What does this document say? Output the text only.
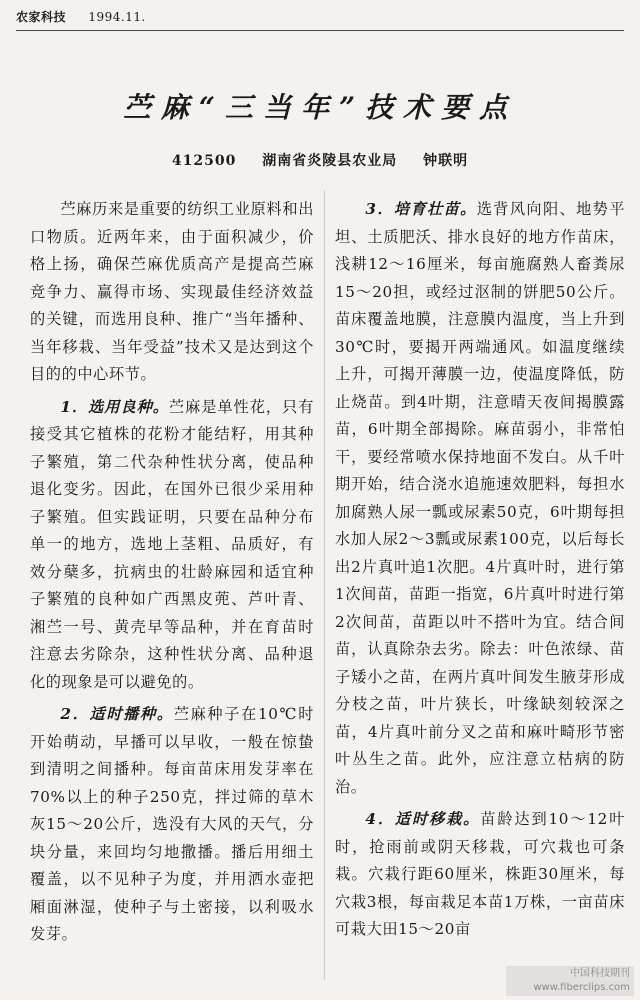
农家科技 1994.11.
苎麻“三当年”技术要点
412500 湖南省炎陵县农业局 钟联明

苎麻历来是重要的纺织工业原料和出口物质。近两年来，由于面积减少，价格上扬，确保苎麻优质高产是提高苎麻竞争力、赢得市场、实现最佳经济效益的关键，而选用良种、推广“当年播种、当年移栽、当年受益”技术又是达到这个目的的中心环节。

1．选用良种。苎麻是单性花，只有接受其它植株的花粉才能结籽，用其种子繁殖，第二代杂种性状分离，使品种退化变劣。因此，在国外已很少采用种子繁殖。但实践证明，只要在品种分布单一的地方，选地上茎粗、品质好，有效分蘖多，抗病虫的壮龄麻园和适宜种子繁殖的良种如广西黑皮蔸、芦叶青、湘苎一号、黄壳早等品种，并在育苗时注意去劣除杂，这种性状分离、品种退化的现象是可以避免的。

2．适时播种。苎麻种子在10℃时开始萌动，早播可以早收，一般在惊蛰到清明之间播种。每亩苗床用发芽率在70%以上的种子250克，拌过筛的草木灰15～20公斤，选没有大风的天气，分块分量，来回均匀地撒播。播后用细土覆盖，以不见种子为度，并用洒水壶把厢面淋湿，使种子与土密接，以利吸水发芽。

3．培育壮苗。选背风向阳、地势平坦、土质肥沃、排水良好的地方作苗床，浅耕12～16厘米，每亩施腐熟人畜粪尿15～20担，或经过沤制的饼肥50公斤。苗床覆盖地膜，注意膜内温度，当上升到30℃时，要揭开两端通风。如温度继续上升，可揭开薄膜一边，使温度降低，防止烧苗。到4叶期，注意晴天夜间揭膜露苗，6叶期全部揭除。麻苗弱小，非常怕干，要经常喷水保持地面不发白。从千叶期开始，结合浇水追施速效肥料，每担水加腐熟人尿一瓢或尿素50克，6叶期每担水加人尿2～3瓢或尿素100克，以后每长出2片真叶追1次肥。4片真叶时，进行第1次间苗，苗距一指宽，6片真叶时进行第2次间苗，苗距以叶不搭叶为宜。结合间苗，认真除杂去劣。除去：叶色浓绿、苗子矮小之苗，在两片真叶间发生腋芽形成分枝之苗，叶片狭长，叶缘缺刻较深之苗，4片真叶前分叉之苗和麻叶畸形节密叶丛生之苗。此外，应注意立枯病的防治。

4．适时移栽。苗龄达到10～12叶时，抢雨前或阴天移栽，可穴栽也可条栽。穴栽行距60厘米，株距30厘米，每穴栽3根，每亩栽足本苗1万株，一亩苗床可栽大田15～20亩

中国科技期刊
www.fiberclips.com
